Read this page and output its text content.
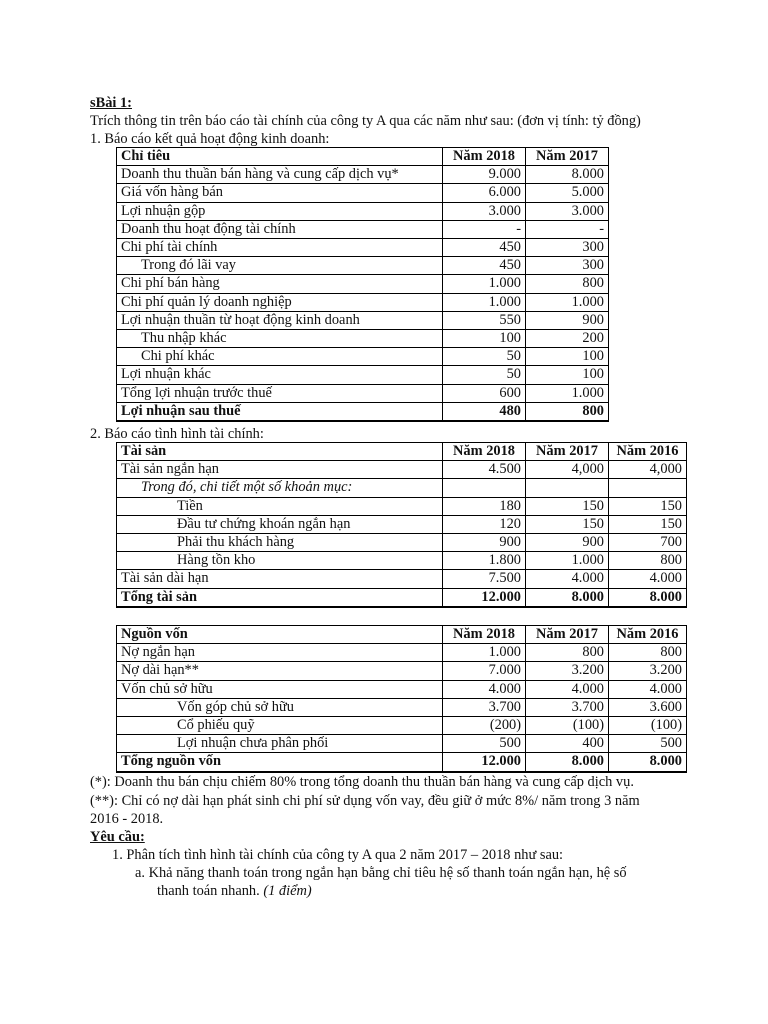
sBài 1:
Trích thông tin trên báo cáo tài chính của công ty A qua các năm như sau: (đơn vị tính: tỷ đồng)
1. Báo cáo kết quả hoạt động kinh doanh:
Chỉ tiêu	Năm 2018	Năm 2017
Doanh thu thuần bán hàng và cung cấp dịch vụ*	9.000	8.000
Giá vốn hàng bán	6.000	5.000
Lợi nhuận gộp	3.000	3.000
Doanh thu hoạt động tài chính	-	-
Chi phí tài chính	450	300
Trong đó lãi vay	450	300
Chi phí bán hàng	1.000	800
Chi phí quản lý doanh nghiệp	1.000	1.000
Lợi nhuận thuần từ hoạt động kinh doanh	550	900
Thu nhập khác	100	200
Chi phí khác	50	100
Lợi nhuận khác	50	100
Tổng lợi nhuận trước thuế	600	1.000
Lợi nhuận sau thuế	480	800
2. Báo cáo tình hình tài chính:
Tài sản	Năm 2018	Năm 2017	Năm 2016
Tài sản ngắn hạn	4.500	4,000	4,000
Trong đó, chi tiết một số khoản mục:			
Tiền	180	150	150
Đầu tư chứng khoán ngắn hạn	120	150	150
Phải thu khách hàng	900	900	700
Hàng tồn kho	1.800	1.000	800
Tài sản dài hạn	7.500	4.000	4.000
Tổng tài sản	12.000	8.000	8.000
Nguồn vốn	Năm 2018	Năm 2017	Năm 2016
Nợ ngắn hạn	1.000	800	800
Nợ dài hạn**	7.000	3.200	3.200
Vốn chủ sở hữu	4.000	4.000	4.000
Vốn góp chủ sở hữu	3.700	3.700	3.600
Cổ phiếu quỹ	(200)	(100)	(100)
Lợi nhuận chưa phân phối	500	400	500
Tổng nguồn vốn	12.000	8.000	8.000
(*): Doanh thu bán chịu chiếm 80% trong tổng doanh thu thuần bán hàng và cung cấp dịch vụ.
(**): Chỉ có nợ dài hạn phát sinh chi phí sử dụng vốn vay, đều giữ ở mức 8%/ năm trong 3 năm
2016 - 2018.
Yêu cầu:
1. Phân tích tình hình tài chính của công ty A qua 2 năm 2017 – 2018 như sau:
a. Khả năng thanh toán trong ngắn hạn bằng chỉ tiêu hệ số thanh toán ngắn hạn, hệ số
thanh toán nhanh. (1 điểm)
